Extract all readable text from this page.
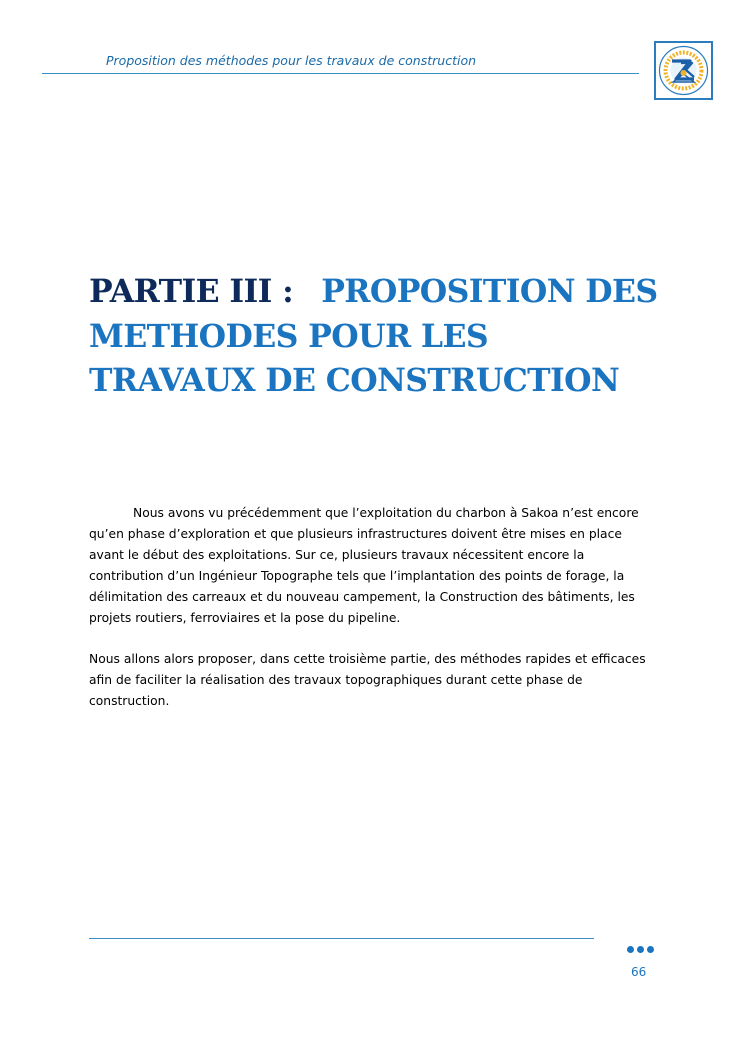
Proposition des méthodes pour les travaux de construction
PARTIE III : PROPOSITION DES METHODES POUR LES TRAVAUX DE CONSTRUCTION

Nous avons vu précédemment que l’exploitation du charbon à Sakoa n’est encore qu’en phase d’exploration et que plusieurs infrastructures doivent être mises en place avant le début des exploitations. Sur ce, plusieurs travaux nécessitent encore la contribution d’un Ingénieur Topographe tels que l’implantation des points de forage, la délimitation des carreaux et du nouveau campement, la Construction des bâtiments, les projets routiers, ferroviaires et la pose du pipeline.

Nous allons alors proposer, dans cette troisième partie, des méthodes rapides et efficaces afin de faciliter la réalisation des travaux topographiques durant cette phase de construction.

66
